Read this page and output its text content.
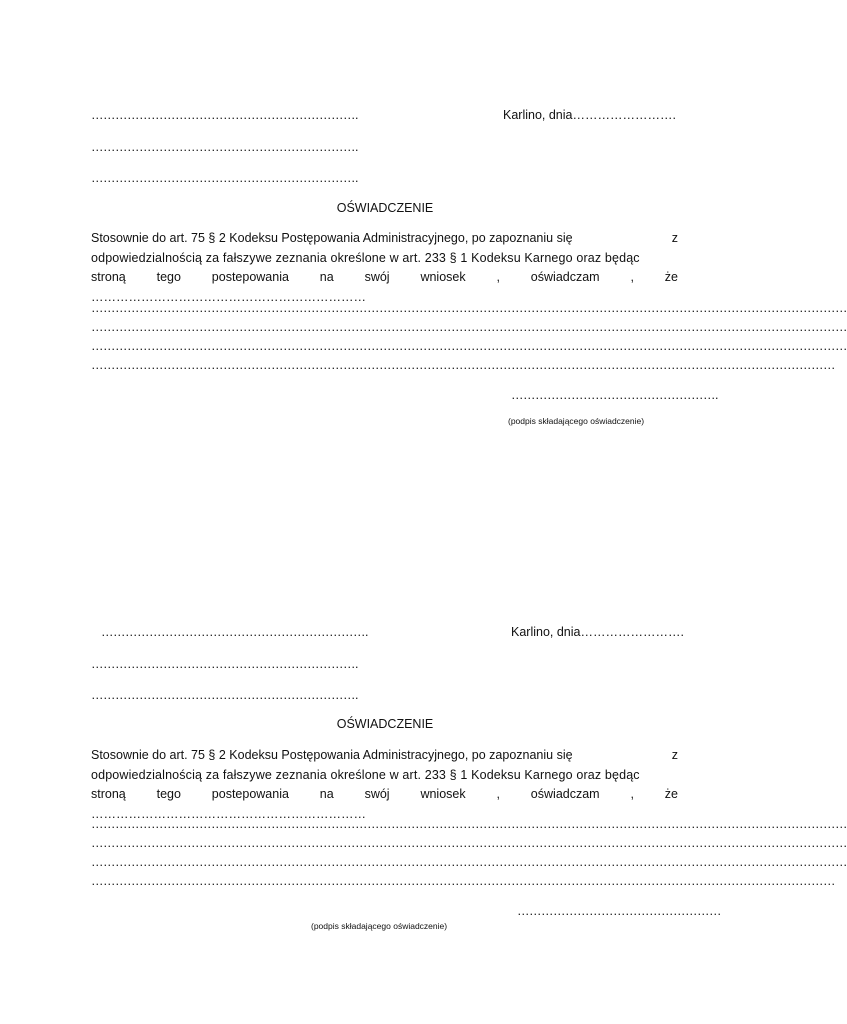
………………………………………………………….	Karlino, dnia…………………….
………………………………………………………….
………………………………………………………….
OŚWIADCZENIE
Stosownie do art. 75 § 2 Kodeksu Postępowania Administracyjnego, po zapoznaniu się	z
odpowiedzialnością za fałszywe zeznania określone w art. 233 § 1 Kodeksu Karnego oraz będąc
stroną tego postepowania na swój wniosek , oświadczam , że …………………………………………………………
………………………………………………………………………………………………………………………………………………………………………
………………………………………………………………………………………………………………………………………………………………………
………………………………………………………………………………………………………………………………………………………………………
……………………………………………………………………………………………………………………………………………………………………
…………………………………………….
(podpis składającego oświadczenie)
………………………………………………………….	Karlino, dnia…………………….
………………………………………………………….
………………………………………………………….
OŚWIADCZENIE
Stosownie do art. 75 § 2 Kodeksu Postępowania Administracyjnego, po zapoznaniu się	z
odpowiedzialnością za fałszywe zeznania określone w art. 233 § 1 Kodeksu Karnego oraz będąc
stroną tego postepowania na swój wniosek , oświadczam , że …………………………………………………………
………………………………………………………………………………………………………………………………………………………………………
………………………………………………………………………………………………………………………………………………………………………
………………………………………………………………………………………………………………………………………………………………………
……………………………………………………………………………………………………………………………………………………………………
……………………………………………
(podpis składającego oświadczenie)
